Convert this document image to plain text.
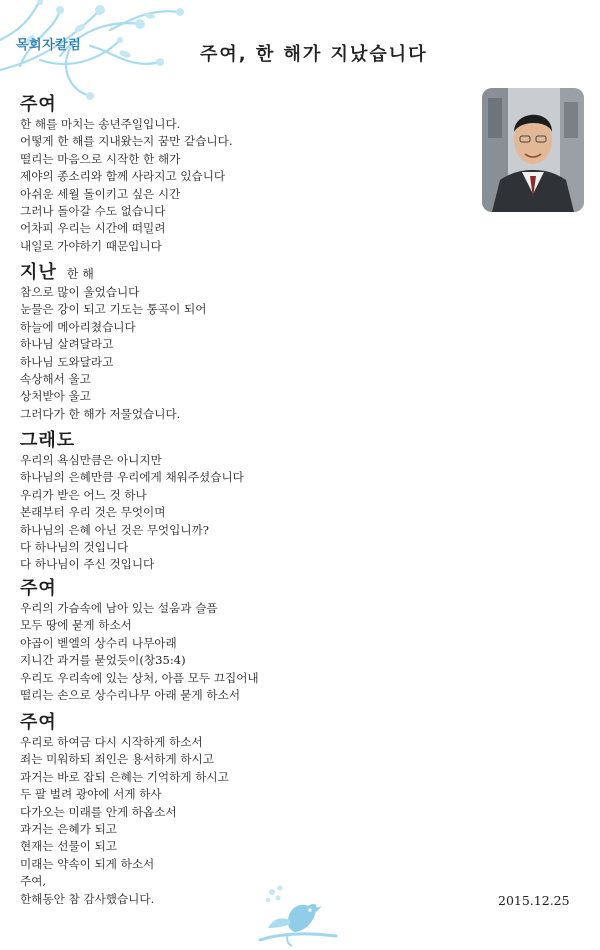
목회자칼럼	주여, 한 해가 지났습니다
주여
한 해를 마치는 송년주일입니다.
어떻게 한 해를 지내왔는지 꿈만 같습니다.
떨리는 마음으로 시작한 한 해가
제야의 종소리와 함께 사라지고 있습니다
아쉬운 세월 돌이키고 싶은 시간
그러나 돌아갈 수도 없습니다
어차피 우리는 시간에 떠밀려
내일로 가야하기 때문입니다
지난 한 해
참으로 많이 울었습니다
눈물은 강이 되고 기도는 통곡이 되어
하늘에 메아리쳤습니다
하나님 살려달라고
하나님 도와달라고
속상해서 울고
상처받아 울고
그러다가 한 해가 저물었습니다.
그래도
우리의 욕심만큼은 아니지만
하나님의 은혜만큼 우리에게 채워주셨습니다
우리가 받은 어느 것 하나
본래부터 우리 것은 무엇이며
하나님의 은혜 아닌 것은 무엇입니까?
다 하나님의 것입니다
다 하나님이 주신 것입니다
주여
우리의 가슴속에 남아 있는 설움과 슬픔
모두 땅에 묻게 하소서
야곱이 벧엘의 상수리 나무아래
지니간 과거를 묻었듯이(창35:4)
우리도 우리속에 있는 상처, 아픔 모두 끄집어내
떨리는 손으로 상수리나무 아래 묻게 하소서
주여
우리로 하여금 다시 시작하게 하소서
죄는 미워하되 죄인은 용서하게 하시고
과거는 바로 잡되 은혜는 기억하게 하시고
두 팔 벌려 광야에 서게 하사
다가오는 미래를 안게 하옵소서
과거는 은혜가 되고
현재는 선물이 되고
미래는 약속이 되게 하소서
주여,
한해동안 참 감사했습니다.	2015.12.25
